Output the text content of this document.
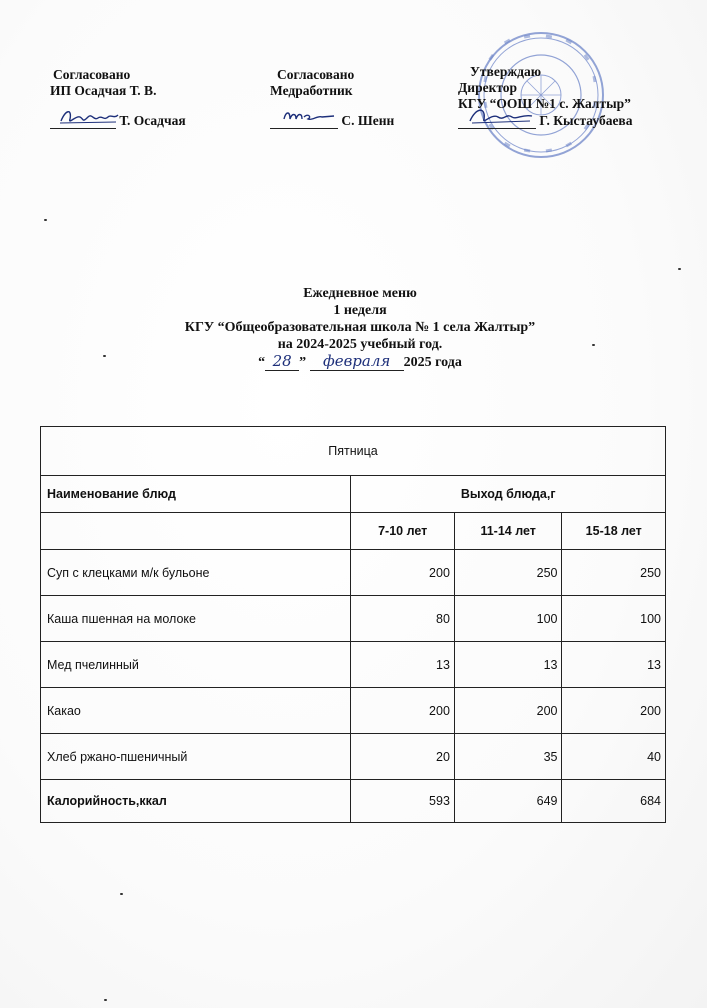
Согласовано
ИП Осадчая Т. В.
Т. Осадчая
Согласовано
Медработник
С. Шенн
Утверждаю
Директор
КГУ “ООШ №1 с. Жалтыр”
Г. Кыстаубаева
Ежедневное меню
1 неделя
КГУ “Общеобразовательная школа № 1 села Жалтыр”
на 2024-2025 учебный год.
“ 28 ” февраля 2025 года
Пятница			
Наименование блюд	Выход блюда,г		
	7-10 лет	11-14 лет	15-18 лет
Суп с клецками м/к бульоне	200	250	250
Каша пшенная на молоке	80	100	100
Мед пчелинный	13	13	13
Какао	200	200	200
Хлеб ржано-пшеничный	20	35	40
Калорийность,ккал	593	649	684
